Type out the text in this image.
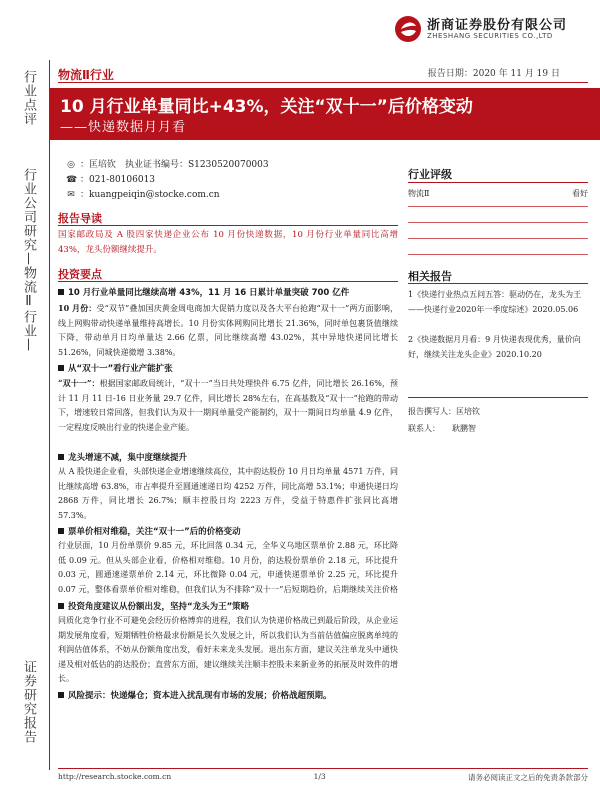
浙商证券股份有限公司
ZHESHANG SECURITIES CO.,LTD
行业点评
行业公司研究—物流Ⅱ行业—
证券研究报告
物流Ⅱ行业	报告日期：2020 年 11 月 19 日
10 月行业单量同比+43%，关注“双十一”后价格变动
——快递数据月月看
◎ ：匡培钦　执业证书编号：S1230520070003
☎ ：021-80106013
✉ ：kuangpeiqin@stocke.com.cn
报告导读
国家邮政局及 A 股四家快递企业公布 10 月份快递数据，10 月份行业单量同比高增 43%，龙头份额继续提升。
投资要点
10 月行业单量同比继续高增 43%，11 月 16 日累计单量突破 700 亿件
10 月份：受“双节”叠加国庆黄金周电商加大促销力度以及各大平台抢跑“双十一”两方面影响，线上网购带动快递单量维持高增长。10 月份实体网购同比增长 21.36%，同时单包裹货值继续下降，带动单月日均单量达 2.66 亿票，同比继续高增 43.02%，其中异地快递同比增长 51.26%，同城快递微增 3.38%。
从“双十一”看行业产能扩张
“双十一”：根据国家邮政局统计，“双十一”当日共处理快件 6.75 亿件，同比增长 26.16%，预计 11 月 11 日-16 日业务量 29.7 亿件，同比增长 28%左右，在高基数及“双十一”抢跑的带动下，增速较日常回落，但我们认为双十一期间单量受产能制约，双十一期间日均单量 4.9 亿件，一定程度反映出行业的快递企业产能。
龙头增速不减，集中度继续提升
从 A 股快递企业看，头部快递企业增速继续高位，其中韵达股份 10 月日均单量 4571 万件，同比继续高增 63.8%，市占率提升至圆通速递日均 4252 万件，同比高增 53.1%；申通快递日均 2868 万件，同比增长 26.7%；顺丰控股日均 2223 万件，受益于特惠件扩张同比高增 57.3%。
票单价相对维稳，关注“双十一”后的价格变动
行业层面，10 月份单票价 9.85 元，环比回落 0.34 元，全华义乌地区票单价 2.88 元，环比降低 0.09 元。但从头部企业看，价格相对维稳。10 月份，韵达股份票单价 2.18 元，环比提升 0.03 元，圆通速递票单价 2.14 元，环比微降 0.04 元，申通快递票单价 2.25 元，环比提升 0.07 元，整体看票单价相对维稳，但我们认为不排除“双十一”后短期趋价，后期继续关注价格
投资角度建议从份额出发，坚持“龙头为王”策略
同质化竞争行业不可避免会经历价格博弈的进程，我们认为快递价格战已到最后阶段，从企业运期发展角度看，短期牺牲价格最求份额是长久发展之计，所以我们认为当前估值偏应脱离单纯的利润估值体系，不妨从份额角度出发，看好未来龙头发展。退出东方面，建议关注单龙头中通快递及相对低估的韵达股份；直营东方面，建议继续关注顺丰控股未来新业务的拓展及时效件的增长。
风险提示：快递爆仓；资本进入扰乱现有市场的发展；价格战超预期。
行业评级
物流Ⅱ	看好
相关报告
1《快递行业热点五问五答：驱动仍在，龙头为王——快递行业2020年一季度综述》2020.05.06
2《快递数据月月看：9 月快递表现优秀，量价向好，继续关注龙头企业》2020.10.20
报告撰写人：匡培钦
联系人：　　耿鹏智
http://research.stocke.com.cn	1/3	请务必阅读正文之后的免责条款部分
